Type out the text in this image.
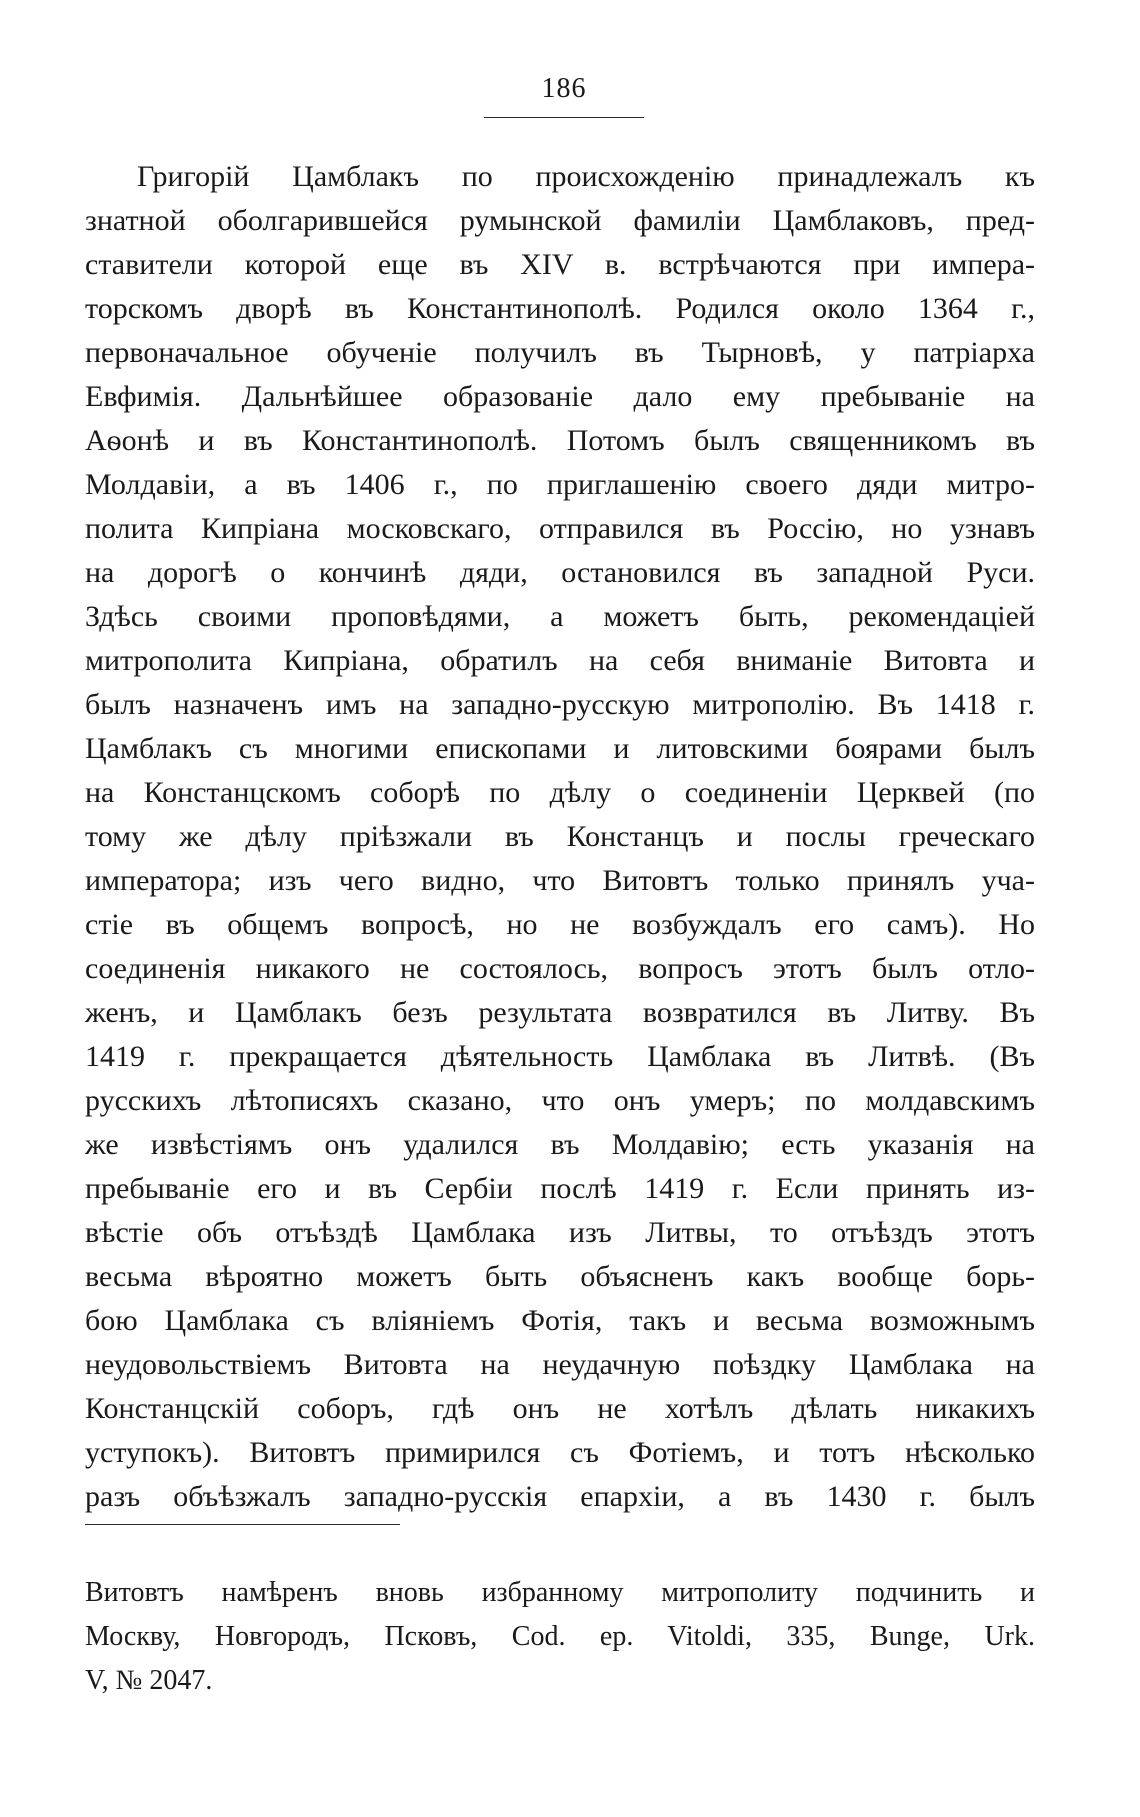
186
Григорій Цамблакъ по происхожденію принадлежалъ къ
знатной оболгарившейся румынской фамиліи Цамблаковъ, пред-
ставители которой еще въ XIV в. встрѣчаются при импера-
торскомъ дворѣ въ Константинополѣ. Родился около 1364 г.,
первоначальное обученіе получилъ въ Тырновѣ, у патріарха
Евфимія. Дальнѣйшее образованіе дало ему пребываніе на
Аѳонѣ и въ Константинополѣ. Потомъ былъ священникомъ въ
Молдавіи, а въ 1406 г., по приглашенію своего дяди митро-
полита Кипріана московскаго, отправился въ Россію, но узнавъ
на дорогѣ о кончинѣ дяди, остановился въ западной Руси.
Здѣсь своими проповѣдями, а можетъ быть, рекомендаціей
митрополита Кипріана, обратилъ на себя вниманіе Витовта и
былъ назначенъ имъ на западно-русскую митрополію. Въ 1418 г.
Цамблакъ съ многими епископами и литовскими боярами былъ
на Констанцскомъ соборѣ по дѣлу о соединеніи Церквей (по
тому же дѣлу пріѣзжали въ Констанцъ и послы греческаго
императора; изъ чего видно, что Витовтъ только принялъ уча-
стіе въ общемъ вопросѣ, но не возбуждалъ его самъ). Но
соединенія никакого не состоялось, вопросъ этотъ былъ отло-
женъ, и Цамблакъ безъ результата возвратился въ Литву. Въ
1419 г. прекращается дѣятельность Цамблака въ Литвѣ. (Въ
русскихъ лѣтописяхъ сказано, что онъ умеръ; по молдавскимъ
же извѣстіямъ онъ удалился въ Молдавію; есть указанія на
пребываніе его и въ Сербіи послѣ 1419 г. Если принять из-
вѣстіе объ отъѣздѣ Цамблака изъ Литвы, то отъѣздъ этотъ
весьма вѣроятно можетъ быть объясненъ какъ вообще борь-
бою Цамблака съ вліяніемъ Фотія, такъ и весьма возможнымъ
неудовольствіемъ Витовта на неудачную поѣздку Цамблака на
Констанцскій соборъ, гдѣ онъ не хотѣлъ дѣлать никакихъ
уступокъ). Витовтъ примирился съ Фотіемъ, и тотъ нѣсколько
разъ объѣзжалъ западно-русскія епархіи, а въ 1430 г. былъ
Витовтъ намѣренъ вновь избранному митрополиту подчинить и
Москву, Новгородъ, Псковъ, Cod. ep. Vitoldi, 335, Bunge, Urk.
V, № 2047.
